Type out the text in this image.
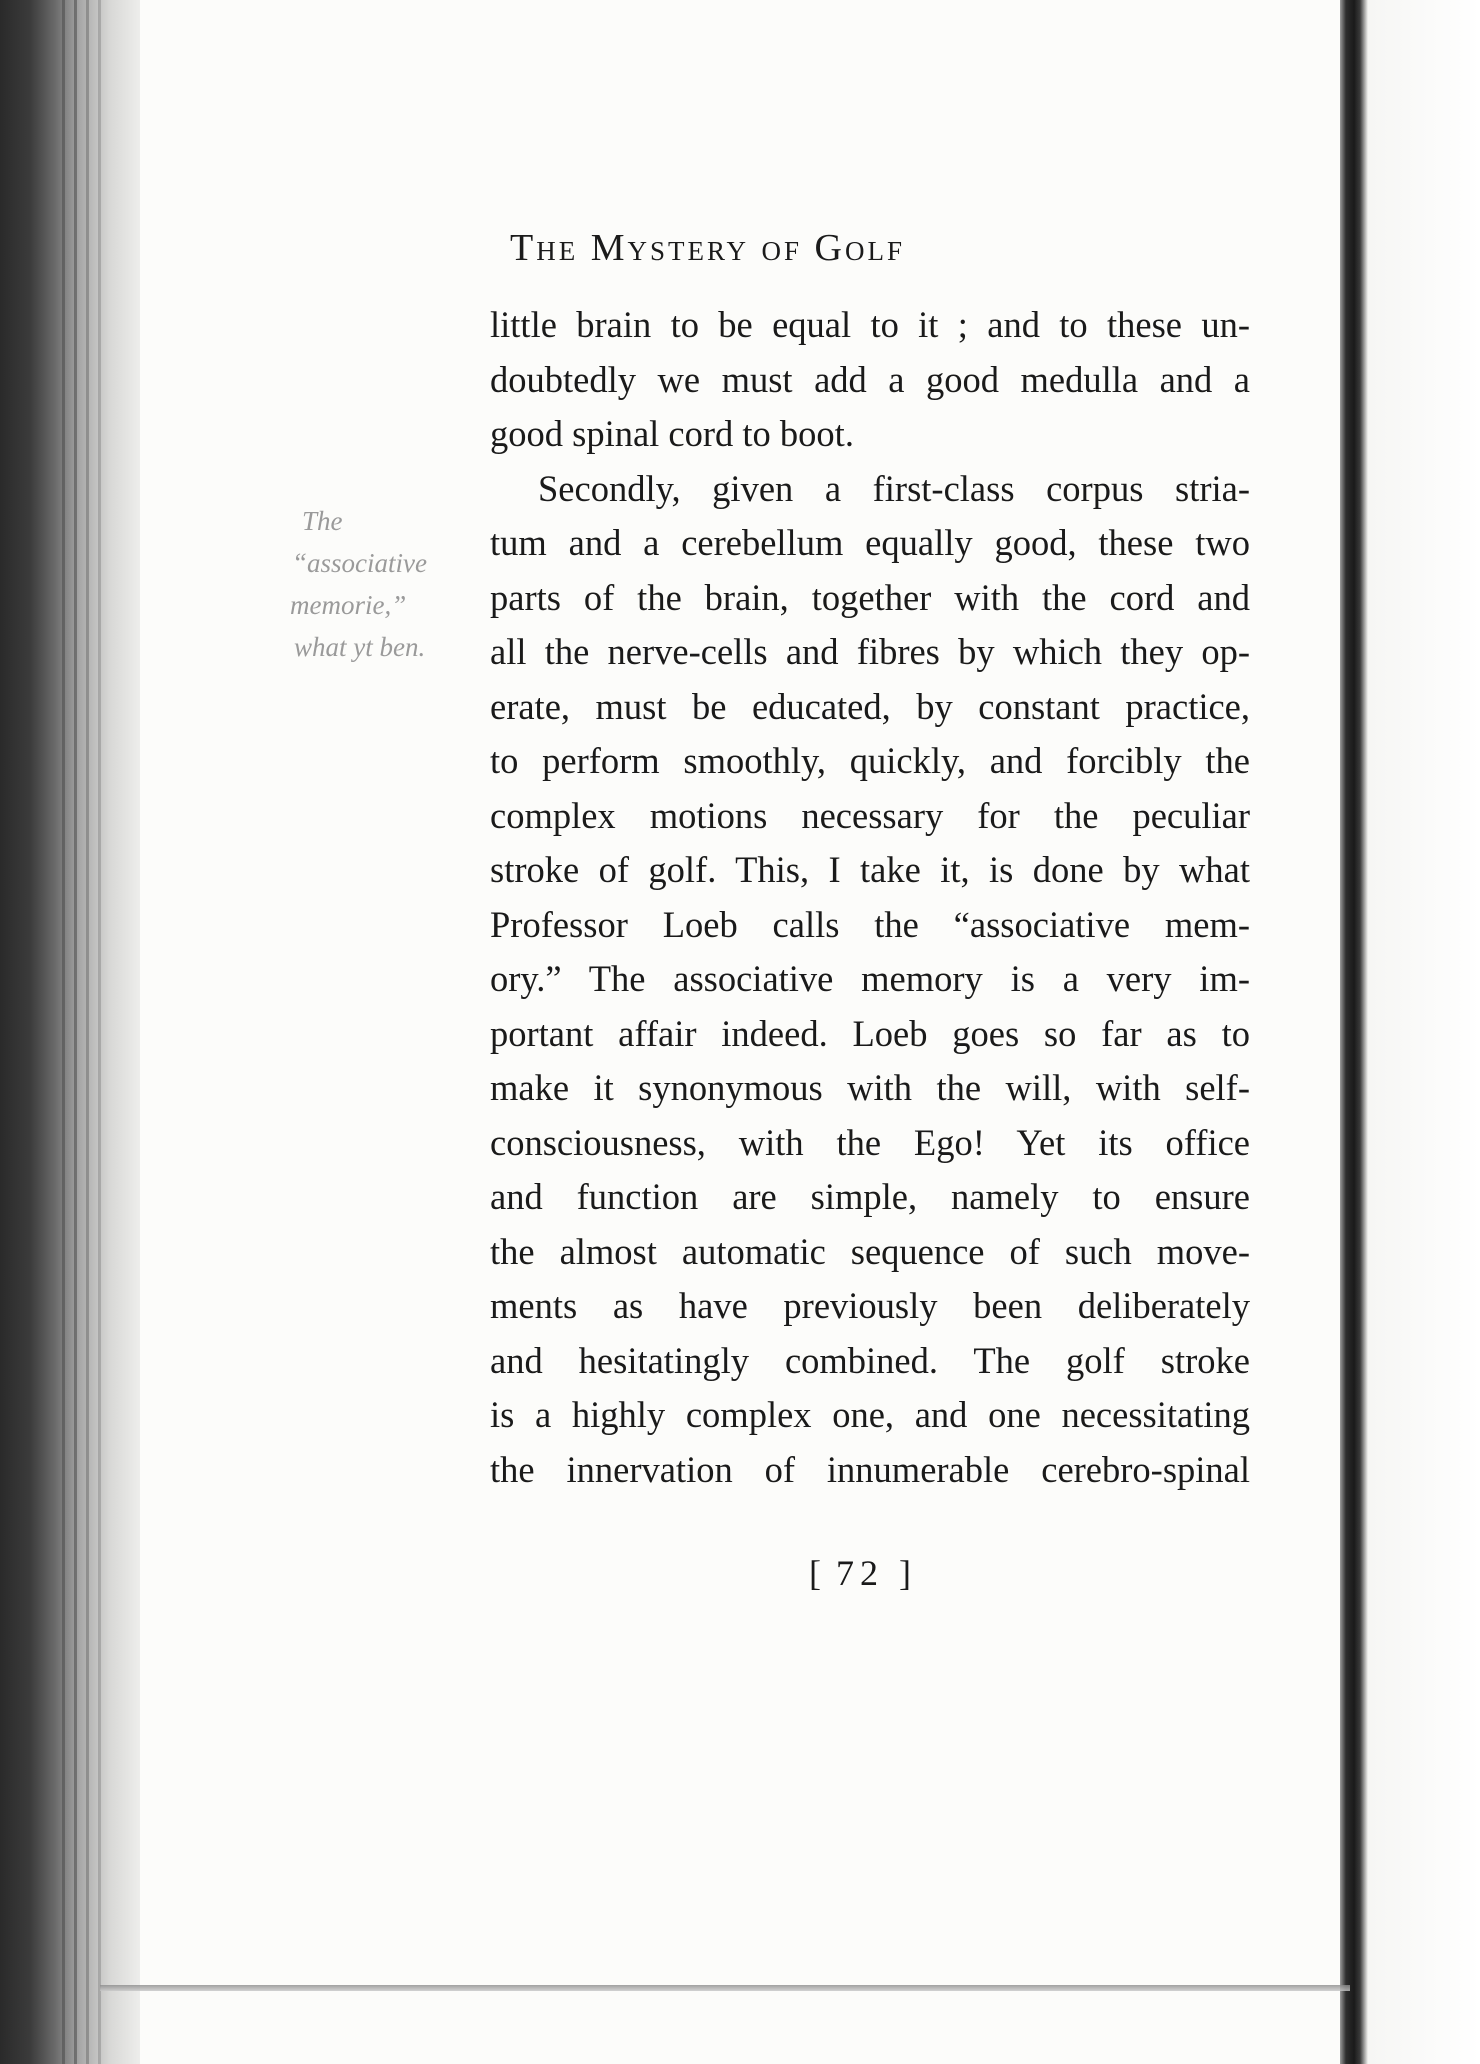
The Mystery of Golf
The
“associative
memorie,”
what yt ben.
little brain to be equal to it ; and to these un-
doubtedly we must add a good medulla and a
good spinal cord to boot.
Secondly, given a first-class corpus stria-
tum and a cerebellum equally good, these two
parts of the brain, together with the cord and
all the nerve-cells and fibres by which they op-
erate, must be educated, by constant practice,
to perform smoothly, quickly, and forcibly the
complex motions necessary for the peculiar
stroke of golf. This, I take it, is done by what
Professor Loeb calls the “associative mem-
ory.” The associative memory is a very im-
portant affair indeed. Loeb goes so far as to
make it synonymous with the will, with self-
consciousness, with the Ego! Yet its office
and function are simple, namely to ensure
the almost automatic sequence of such move-
ments as have previously been deliberately
and hesitatingly combined. The golf stroke
is a highly complex one, and one necessitating
the innervation of innumerable cerebro-spinal
[ 72 ]
